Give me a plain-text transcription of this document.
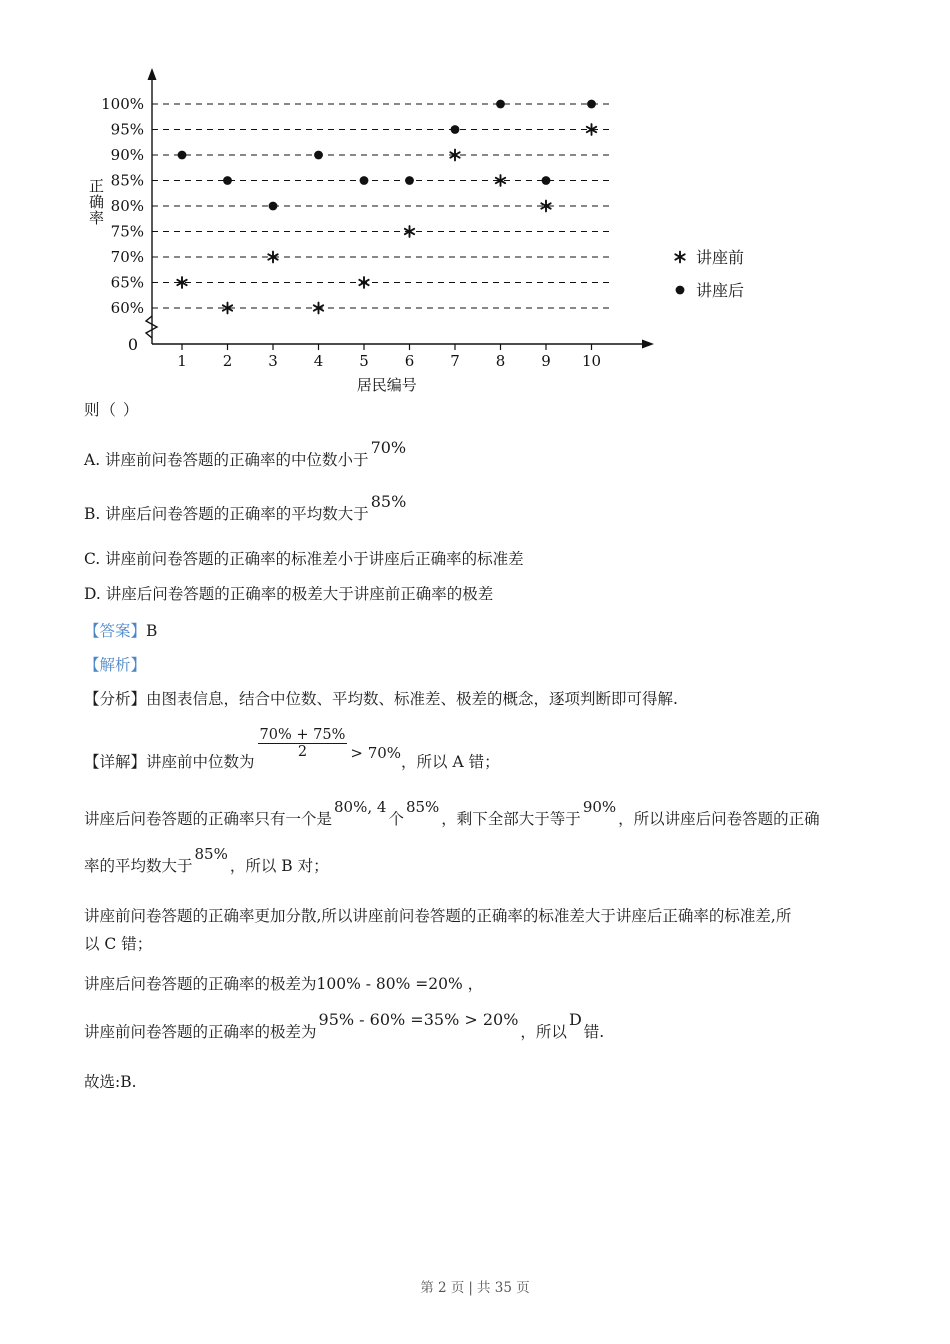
100%
95%
90%
85%
80%
75%
70%
65%
60%
0
1 2 3 4 5 6 7 8 9 10
居民编号
讲座前
讲座后
正确率

则（ ）

A. 讲座前问卷答题的正确率的中位数小于70%

B. 讲座后问卷答题的正确率的平均数大于85%

C. 讲座前问卷答题的正确率的标准差小于讲座后正确率的标准差

D. 讲座后问卷答题的正确率的极差大于讲座前正确率的极差

【答案】B

【解析】

【分析】由图表信息，结合中位数、平均数、标准差、极差的概念，逐项判断即可得解.

【详解】讲座前中位数为
$\frac{70\% + 75\%}{2} > 70\%$，所以 A 错；

讲座后问卷答题的正确率只有一个是80%, 4个85%，剩下全部大于等于90%，所以讲座后问卷答题的正确

率的平均数大于85%，所以 B 对；

讲座前问卷答题的正确率更加分散,所以讲座前问卷答题的正确率的标准差大于讲座后正确率的标准差,所

以 C 错；

讲座后问卷答题的正确率的极差为100% - 80% =20% ，

讲座前问卷答题的正确率的极差为95% - 60% =35% > 20%，所以D错.

故选:B.

第 2 页 | 共 35 页
